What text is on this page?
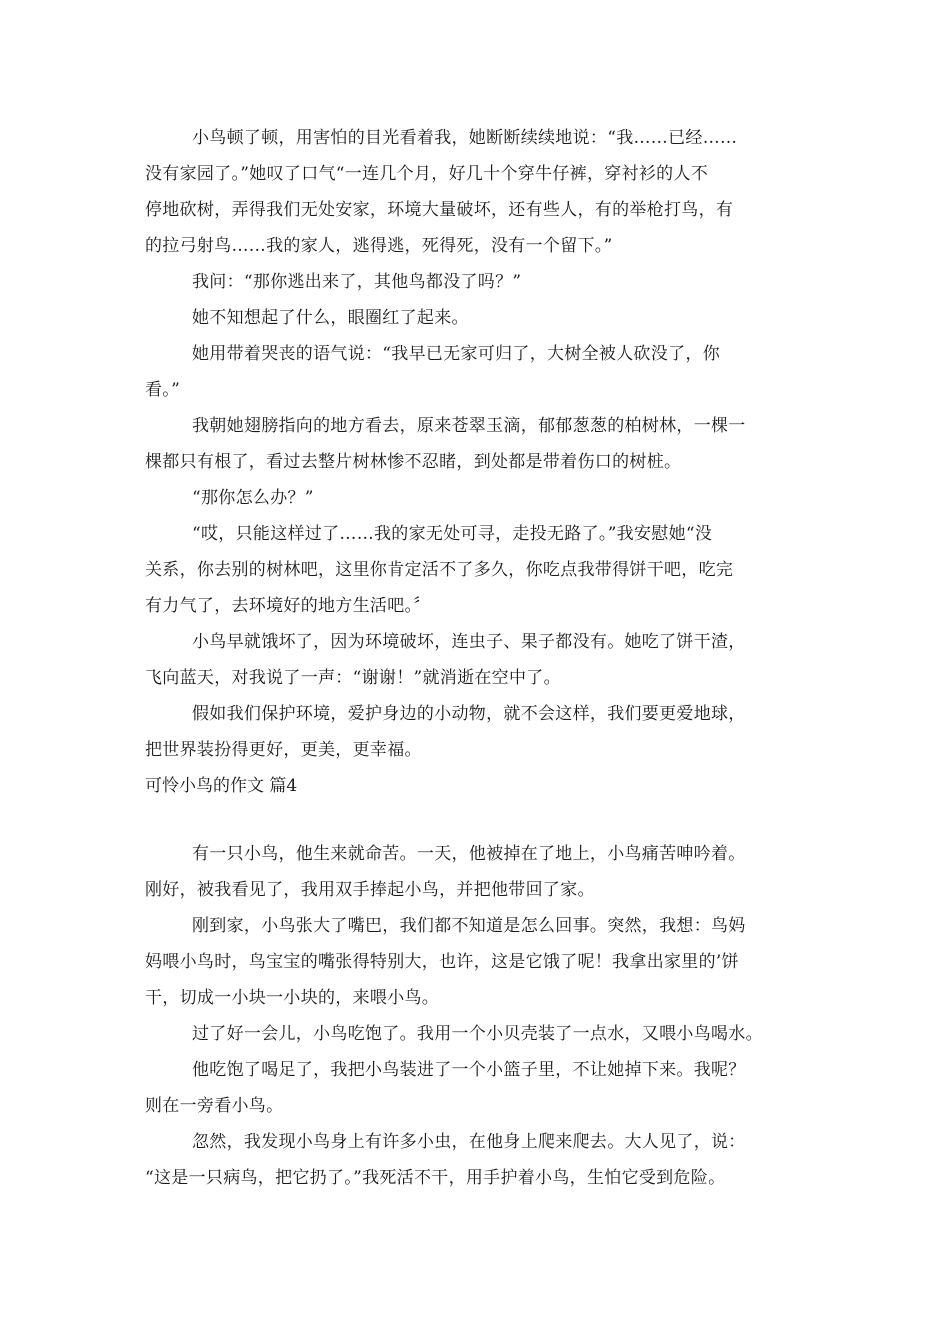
小鸟顿了顿，用害怕的目光看着我，她断断续续地说：“我……已经……

没有家园了。”她叹了口气“一连几个月，好几十个穿牛仔裤，穿衬衫的人不

停地砍树，弄得我们无处安家，环境大量破坏，还有些人，有的举枪打鸟，有

的拉弓射鸟……我的家人，逃得逃，死得死，没有一个留下。”

我问：“那你逃出来了，其他鸟都没了吗？”

她不知想起了什么，眼圈红了起来。

她用带着哭丧的语气说：“我早已无家可归了，大树全被人砍没了，你

看。”

我朝她翅膀指向的地方看去，原来苍翠玉滴，郁郁葱葱的柏树林，一棵一

棵都只有根了，看过去整片树林惨不忍睹，到处都是带着伤口的树桩。

“那你怎么办？”

“哎，只能这样过了……我的家无处可寻，走投无路了。”我安慰她“没

关系，你去别的树林吧，这里你肯定活不了多久，你吃点我带得饼干吧，吃完

有力气了，去环境好的地方生活吧。〞

小鸟早就饿坏了，因为环境破坏，连虫子、果子都没有。她吃了饼干渣，

飞向蓝天，对我说了一声：“谢谢！”就消逝在空中了。

假如我们保护环境，爱护身边的小动物，就不会这样，我们要更爱地球，

把世界装扮得更好，更美，更幸福。

可怜小鸟的作文 篇4

有一只小鸟，他生来就命苦。一天，他被掉在了地上，小鸟痛苦呻吟着。

刚好，被我看见了，我用双手捧起小鸟，并把他带回了家。

刚到家，小鸟张大了嘴巴，我们都不知道是怎么回事。突然，我想：鸟妈

妈喂小鸟时，鸟宝宝的嘴张得特别大，也许，这是它饿了呢！我拿出家里的’饼

干，切成一小块一小块的，来喂小鸟。

过了好一会儿，小鸟吃饱了。我用一个小贝壳装了一点水，又喂小鸟喝水。

他吃饱了喝足了，我把小鸟装进了一个小篮子里，不让她掉下来。我呢？

则在一旁看小鸟。

忽然，我发现小鸟身上有许多小虫，在他身上爬来爬去。大人见了，说：

“这是一只病鸟，把它扔了。”我死活不干，用手护着小鸟，生怕它受到危险。
